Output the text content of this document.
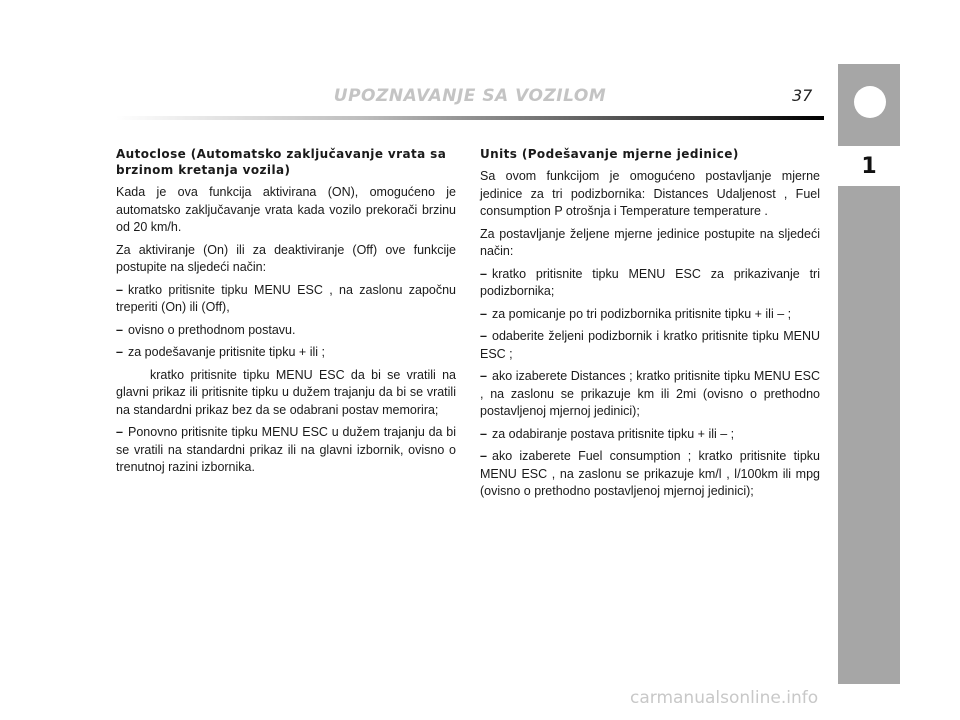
UPOZNAVANJE SA VOZILOM	37
1
Autoclose (Automatsko zaključavanje vrata sa brzinom kretanja vozila)

Kada je ova funkcija aktivirana (ON), omogućeno je automatsko zaključavanje vrata kada vozilo prekorači brzinu od 20 km/h.

Za aktiviranje (On) ili za deaktiviranje (Off) ove funkcije postupite na sljedeći način:

– kratko pritisnite tipku MENU ESC , na zaslonu započnu treperiti (On) ili (Off),
– ovisno o prethodnom postavu.
– za podešavanje pritisnite tipku + ili ;

kratko pritisnite tipku MENU ESC da bi se vratili na glavni prikaz ili pritisnite tipku u dužem trajanju da bi se vratili na standardni prikaz bez da se odabrani postav memorira;

– Ponovno pritisnite tipku MENU ESC u dužem trajanju da bi se vratili na standardni prikaz ili na glavni izbornik, ovisno o trenutnoj razini izbornika.
Units (Podešavanje mjerne jedinice)

Sa ovom funkcijom je omogućeno postavljanje mjerne jedinice za tri podizbornika: Distances Udaljenost , Fuel consumption P otrošnja i Temperature temperature .

Za postavljanje željene mjerne jedinice postupite na sljedeći način:

– kratko pritisnite tipku MENU ESC za prikazivanje tri podizbornika;
– za pomicanje po tri podizbornika pritisnite tipku + ili – ;
– odaberite željeni podizbornik i kratko pritisnite tipku MENU ESC ;
– ako izaberete Distances ; kratko pritisnite tipku MENU ESC , na zaslonu se prikazuje km ili 2mi (ovisno o prethodno postavljenoj mjernoj jedinici);
– za odabiranje postava pritisnite tipku + ili – ;
– ako izaberete Fuel consumption ; kratko pritisnite tipku MENU ESC , na zaslonu se prikazuje km/l , l/100km ili mpg (ovisno o prethodno postavljenoj mjernoj jedinici);
carmanualsonline.info
